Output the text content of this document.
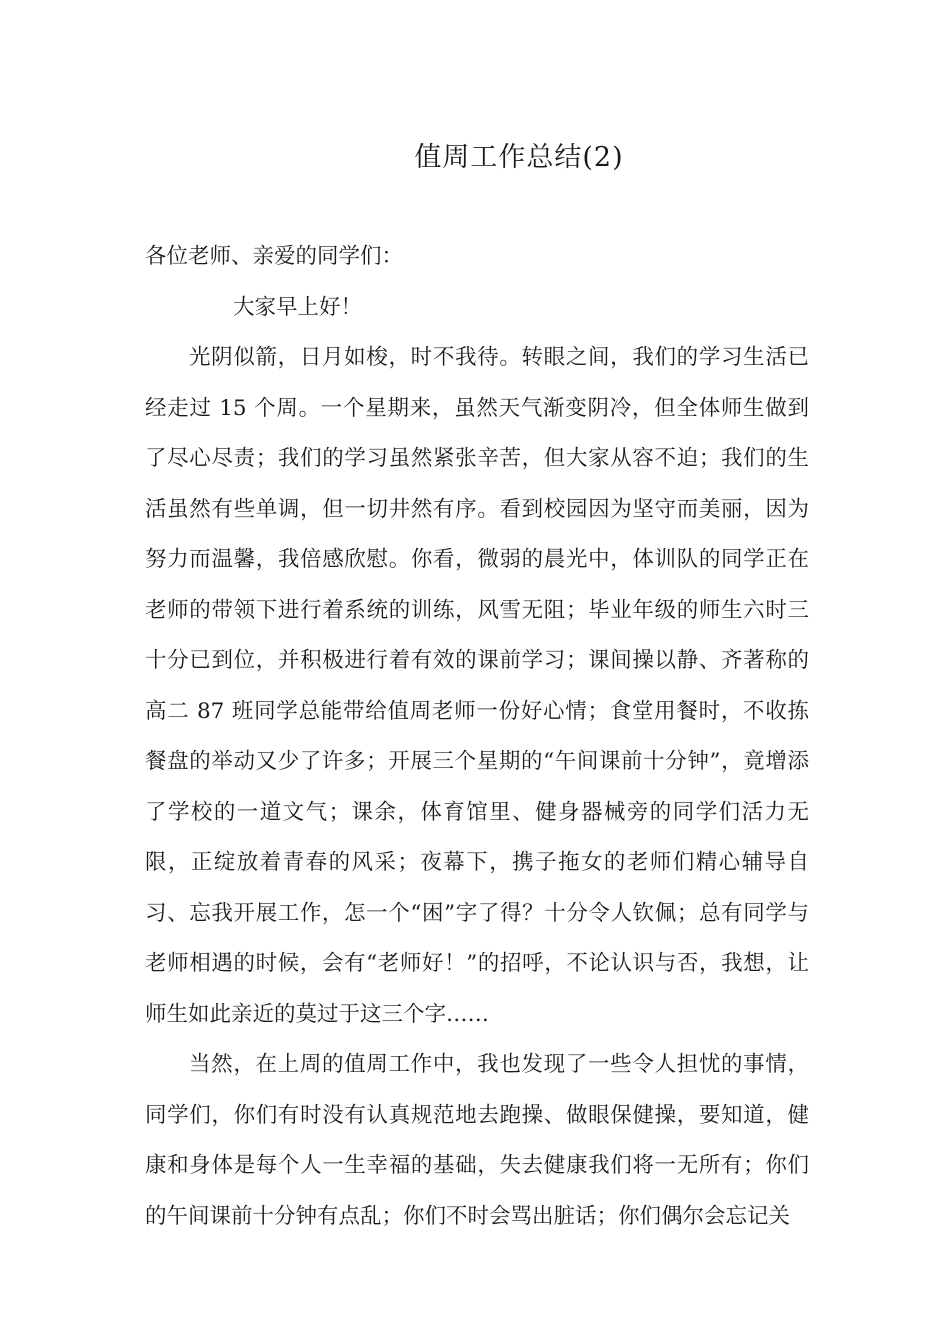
值周工作总结(2)

各位老师、亲爱的同学们：

大家早上好！

光阴似箭，日月如梭，时不我待。转眼之间，我们的学习生活已经走过 15 个周。一个星期来，虽然天气渐变阴冷，但全体师生做到了尽心尽责；我们的学习虽然紧张辛苦，但大家从容不迫；我们的生活虽然有些单调，但一切井然有序。看到校园因为坚守而美丽，因为努力而温馨，我倍感欣慰。你看，微弱的晨光中，体训队的同学正在老师的带领下进行着系统的训练，风雪无阻；毕业年级的师生六时三十分已到位，并积极进行着有效的课前学习；课间操以静、齐著称的高二 87 班同学总能带给值周老师一份好心情；食堂用餐时，不收拣餐盘的举动又少了许多；开展三个星期的“午间课前十分钟”，竟增添了学校的一道文气；课余，体育馆里、健身器械旁的同学们活力无限，正绽放着青春的风采；夜幕下，携子拖女的老师们精心辅导自习、忘我开展工作，怎一个“困”字了得？十分令人钦佩；总有同学与老师相遇的时候，会有“老师好！”的招呼，不论认识与否，我想，让师生如此亲近的莫过于这三个字……

当然，在上周的值周工作中，我也发现了一些令人担忧的事情，同学们，你们有时没有认真规范地去跑操、做眼保健操，要知道，健康和身体是每个人一生幸福的基础，失去健康我们将一无所有；你们的午间课前十分钟有点乱；你们不时会骂出脏话；你们偶尔会忘记关
